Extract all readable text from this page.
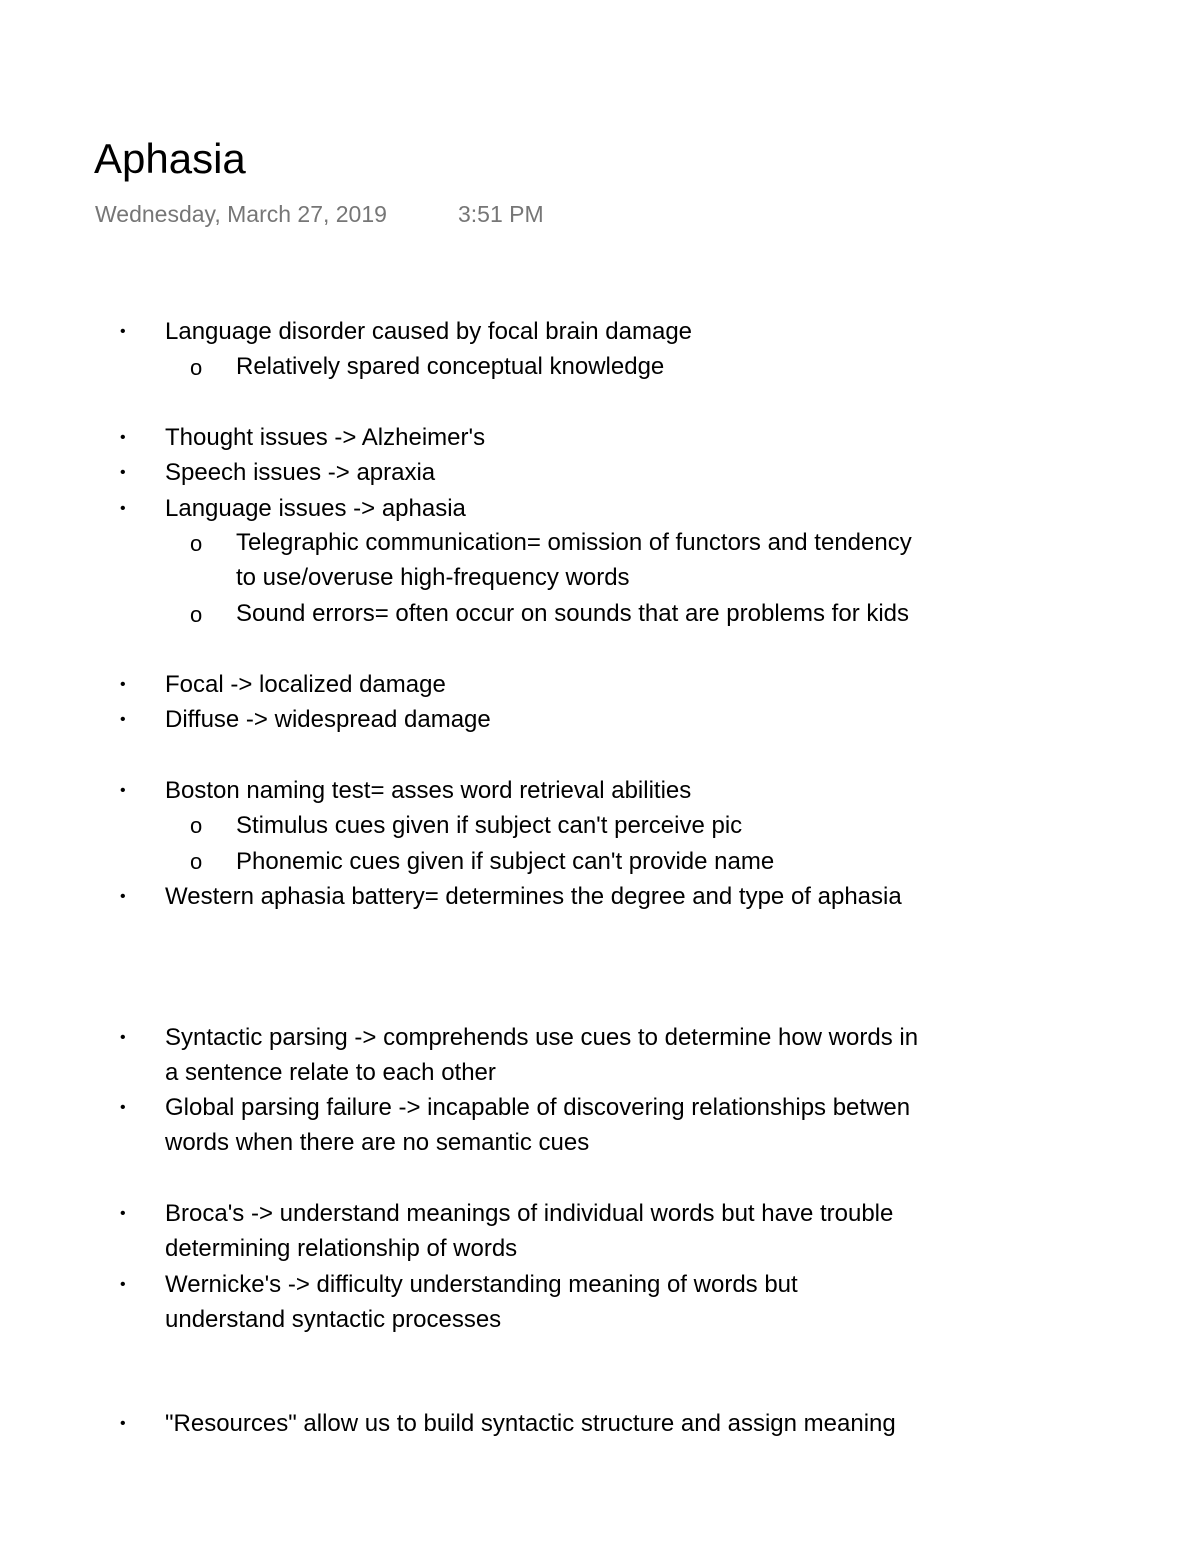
Aphasia
Wednesday, March 27, 2019	3:51 PM
• Language disorder caused by focal brain damage
o Relatively spared conceptual knowledge
• Thought issues -> Alzheimer's
• Speech issues -> apraxia
• Language issues -> aphasia
o Telegraphic communication= omission of functors and tendency
to use/overuse high-frequency words
o Sound errors= often occur on sounds that are problems for kids
• Focal -> localized damage
• Diffuse -> widespread damage
• Boston naming test= asses word retrieval abilities
o Stimulus cues given if subject can't perceive pic
o Phonemic cues given if subject can't provide name
• Western aphasia battery= determines the degree and type of aphasia
• Syntactic parsing -> comprehends use cues to determine how words in
a sentence relate to each other
• Global parsing failure -> incapable of discovering relationships betwen
words when there are no semantic cues
• Broca's -> understand meanings of individual words but have trouble
determining relationship of words
• Wernicke's -> difficulty understanding meaning of words but
understand syntactic processes
• "Resources" allow us to build syntactic structure and assign meaning
